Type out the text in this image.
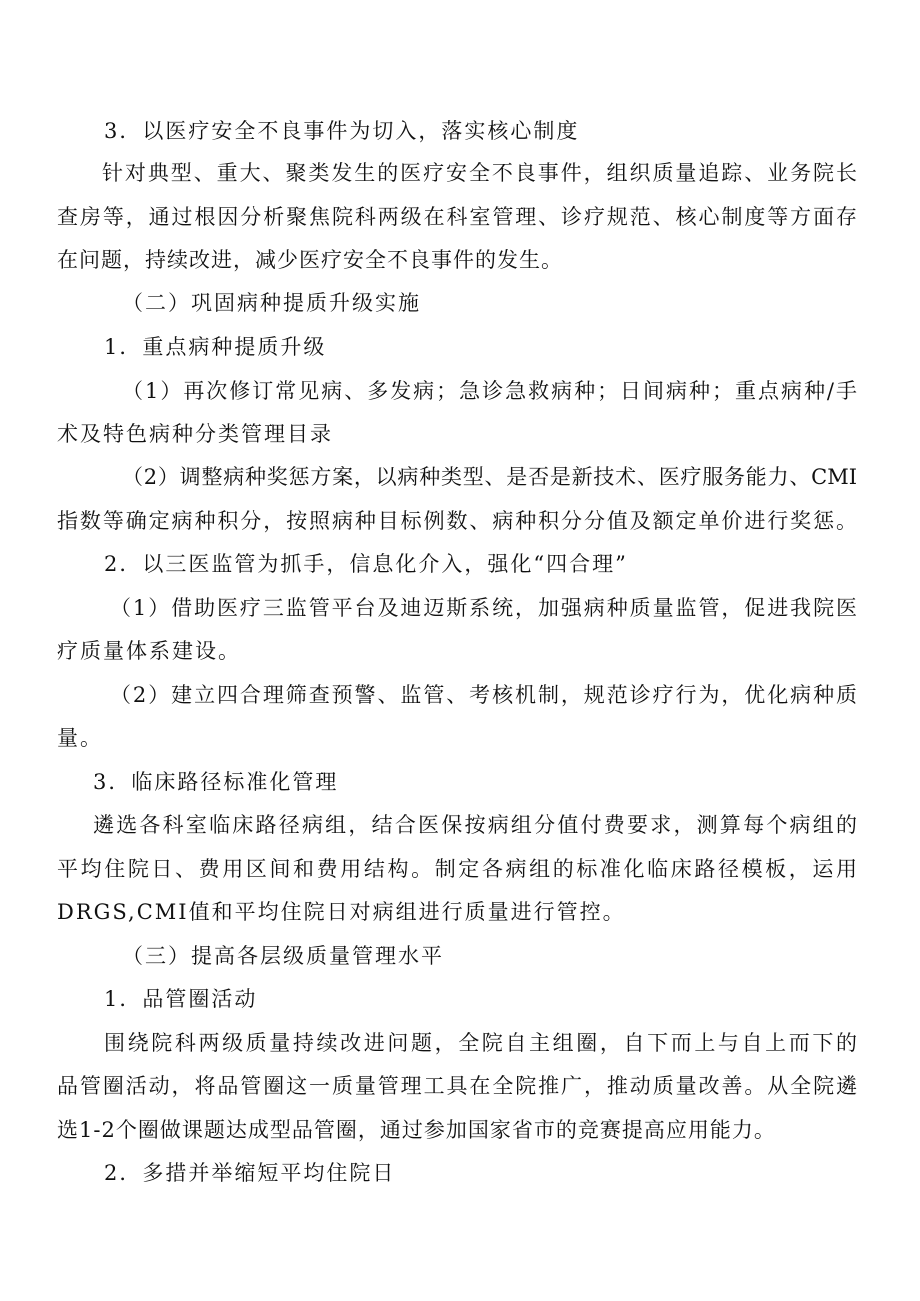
3．以医疗安全不良事件为切入，落实核心制度
针对典型、重大、聚类发生的医疗安全不良事件，组织质量追踪、业务院长
查房等，通过根因分析聚焦院科两级在科室管理、诊疗规范、核心制度等方面存
在问题，持续改进，减少医疗安全不良事件的发生。
（二）巩固病种提质升级实施
1．重点病种提质升级
（1）再次修订常见病、多发病；急诊急救病种；日间病种；重点病种/手
术及特色病种分类管理目录
（2）调整病种奖惩方案，以病种类型、是否是新技术、医疗服务能力、CMI
指数等确定病种积分，按照病种目标例数、病种积分分值及额定单价进行奖惩。
2．以三医监管为抓手，信息化介入，强化“四合理”
（1）借助医疗三监管平台及迪迈斯系统，加强病种质量监管，促进我院医
疗质量体系建设。
（2）建立四合理筛查预警、监管、考核机制，规范诊疗行为，优化病种质
量。
3．临床路径标准化管理
遴选各科室临床路径病组，结合医保按病组分值付费要求，测算每个病组的
平均住院日、费用区间和费用结构。制定各病组的标准化临床路径模板，运用
DRGS,CMI值和平均住院日对病组进行质量进行管控。
（三）提高各层级质量管理水平
1．品管圈活动
围绕院科两级质量持续改进问题，全院自主组圈，自下而上与自上而下的
品管圈活动，将品管圈这一质量管理工具在全院推广，推动质量改善。从全院遴
选1-2个圈做课题达成型品管圈，通过参加国家省市的竞赛提高应用能力。
2．多措并举缩短平均住院日
